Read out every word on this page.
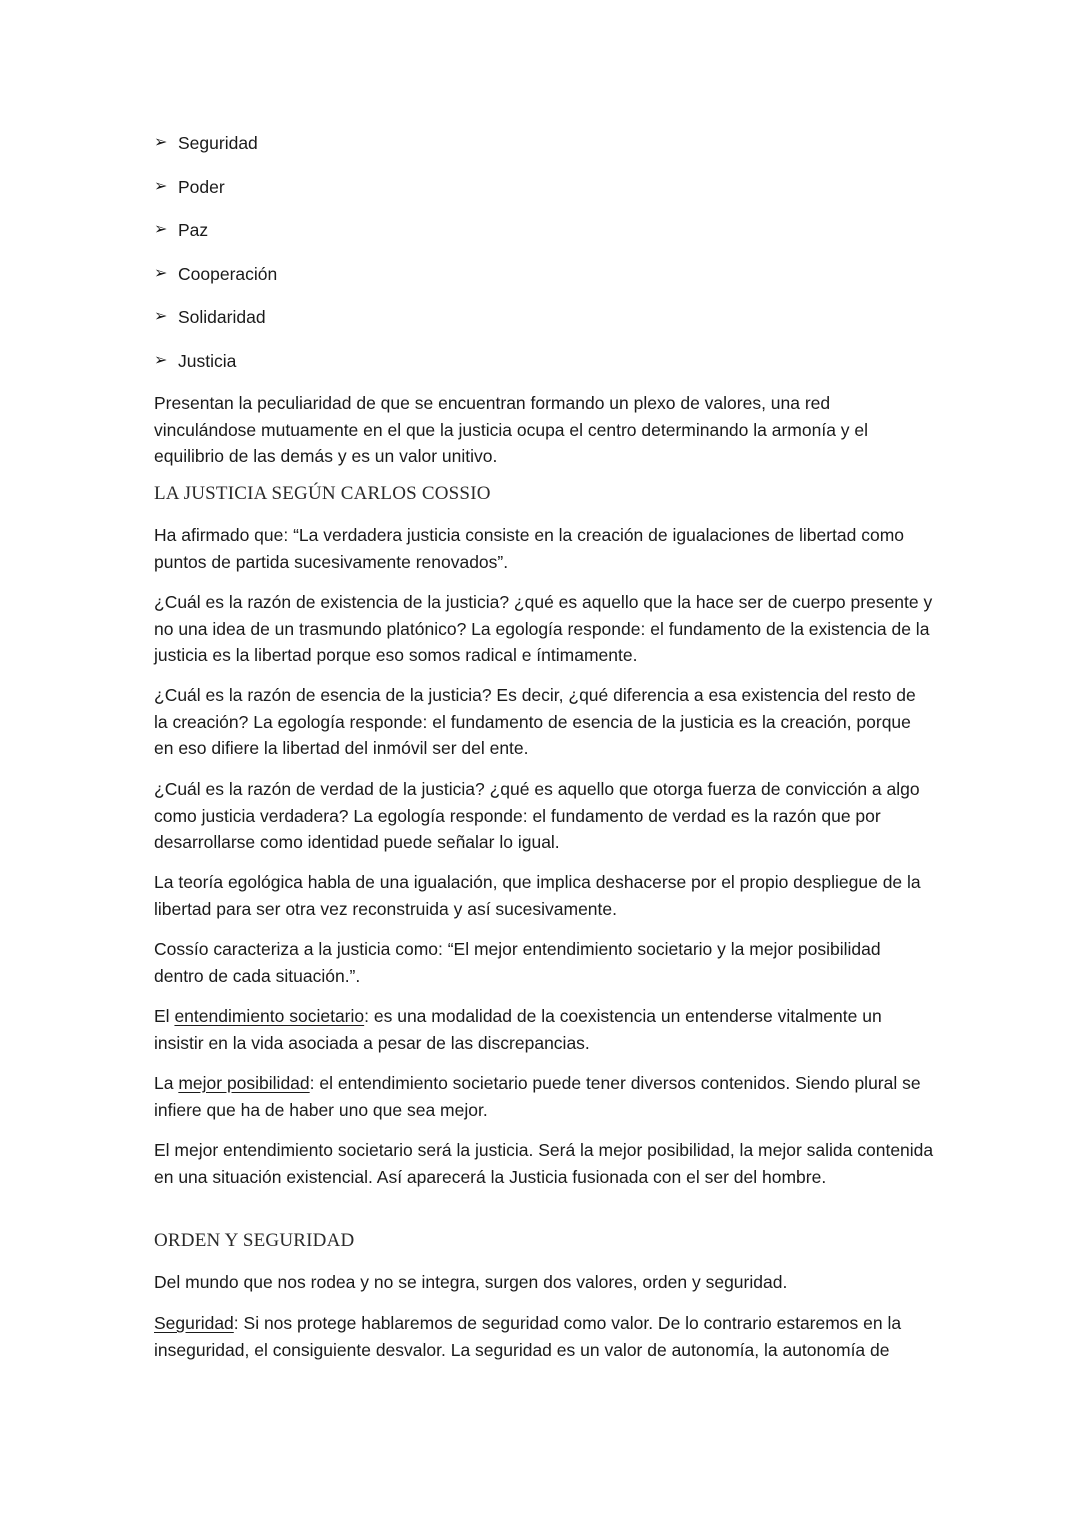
➢ Seguridad
➢ Poder
➢ Paz
➢ Cooperación
➢ Solidaridad
➢ Justicia

Presentan la peculiaridad de que se encuentran formando un plexo de valores, una red vinculándose mutuamente en el que la justicia ocupa el centro determinando la armonía y el equilibrio de las demás y es un valor unitivo.

LA JUSTICIA SEGÚN CARLOS COSSIO

Ha afirmado que: “La verdadera justicia consiste en la creación de igualaciones de libertad como puntos de partida sucesivamente renovados”.

¿Cuál es la razón de existencia de la justicia? ¿qué es aquello que la hace ser de cuerpo presente y no una idea de un trasmundo platónico? La egología responde: el fundamento de la existencia de la justicia es la libertad porque eso somos radical e íntimamente.

¿Cuál es la razón de esencia de la justicia? Es decir, ¿qué diferencia a esa existencia del resto de la creación? La egología responde: el fundamento de esencia de la justicia es la creación, porque en eso difiere la libertad del inmóvil ser del ente.

¿Cuál es la razón de verdad de la justicia? ¿qué es aquello que otorga fuerza de convicción a algo como justicia verdadera? La egología responde: el fundamento de verdad es la razón que por desarrollarse como identidad puede señalar lo igual.

La teoría egológica habla de una igualación, que implica deshacerse por el propio despliegue de la libertad para ser otra vez reconstruida y así sucesivamente.

Cossío caracteriza a la justicia como: “El mejor entendimiento societario y la mejor posibilidad dentro de cada situación.”.

El entendimiento societario: es una modalidad de la coexistencia un entenderse vitalmente un insistir en la vida asociada a pesar de las discrepancias.

La mejor posibilidad: el entendimiento societario puede tener diversos contenidos. Siendo plural se infiere que ha de haber uno que sea mejor.

El mejor entendimiento societario será la justicia. Será la mejor posibilidad, la mejor salida contenida en una situación existencial. Así aparecerá la Justicia fusionada con el ser del hombre.

ORDEN Y SEGURIDAD

Del mundo que nos rodea y no se integra, surgen dos valores, orden y seguridad.

Seguridad: Si nos protege hablaremos de seguridad como valor. De lo contrario estaremos en la inseguridad, el consiguiente desvalor. La seguridad es un valor de autonomía, la autonomía de
